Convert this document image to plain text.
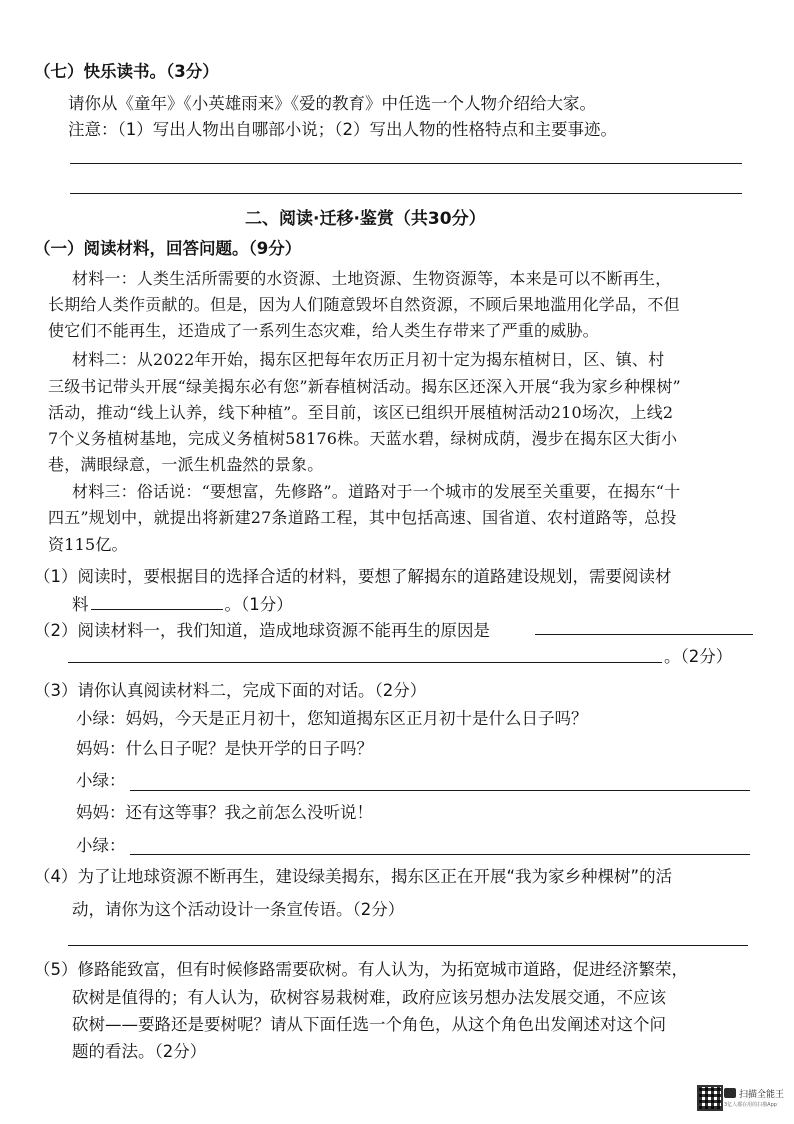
（七）快乐读书。（3分）
请你从《童年》《小英雄雨来》《爱的教育》中任选一个人物介绍给大家。
注意：（1）写出人物出自哪部小说；（2）写出人物的性格特点和主要事迹。
二、阅读·迁移·鉴赏（共30分）
（一）阅读材料，回答问题。（9分）
材料一：人类生活所需要的水资源、土地资源、生物资源等，本来是可以不断再生，
长期给人类作贡献的。但是，因为人们随意毁坏自然资源，不顾后果地滥用化学品，不但
使它们不能再生，还造成了一系列生态灾难，给人类生存带来了严重的威胁。
材料二：从2022年开始，揭东区把每年农历正月初十定为揭东植树日，区、镇、村
三级书记带头开展“绿美揭东必有您”新春植树活动。揭东区还深入开展“我为家乡种棵树”
活动，推动“线上认养，线下种植”。至目前，该区已组织开展植树活动210场次，上线2
7个义务植树基地，完成义务植树58176株。天蓝水碧，绿树成荫，漫步在揭东区大街小
巷，满眼绿意，一派生机盎然的景象。
材料三：俗话说：“要想富，先修路”。道路对于一个城市的发展至关重要，在揭东“十
四五”规划中，就提出将新建27条道路工程，其中包括高速、国省道、农村道路等，总投
资115亿。
（1）阅读时，要根据目的选择合适的材料，要想了解揭东的道路建设规划，需要阅读材
料	。（1分）
（2）阅读材料一，我们知道，造成地球资源不能再生的原因是
。（2分）
（3）请你认真阅读材料二，完成下面的对话。（2分）
小绿：妈妈，今天是正月初十，您知道揭东区正月初十是什么日子吗？
妈妈：什么日子呢？是快开学的日子吗？
小绿：
妈妈：还有这等事？我之前怎么没听说！
小绿：
（4）为了让地球资源不断再生，建设绿美揭东，揭东区正在开展“我为家乡种棵树”的活
动，请你为这个活动设计一条宣传语。（2分）
（5）修路能致富，但有时候修路需要砍树。有人认为，为拓宽城市道路，促进经济繁荣，
砍树是值得的；有人认为，砍树容易栽树难，政府应该另想办法发展交通，不应该
砍树——要路还是要树呢？请从下面任选一个角色，从这个角色出发阐述对这个问
题的看法。（2分）
扫描全能王
3亿人都在用的扫描App
